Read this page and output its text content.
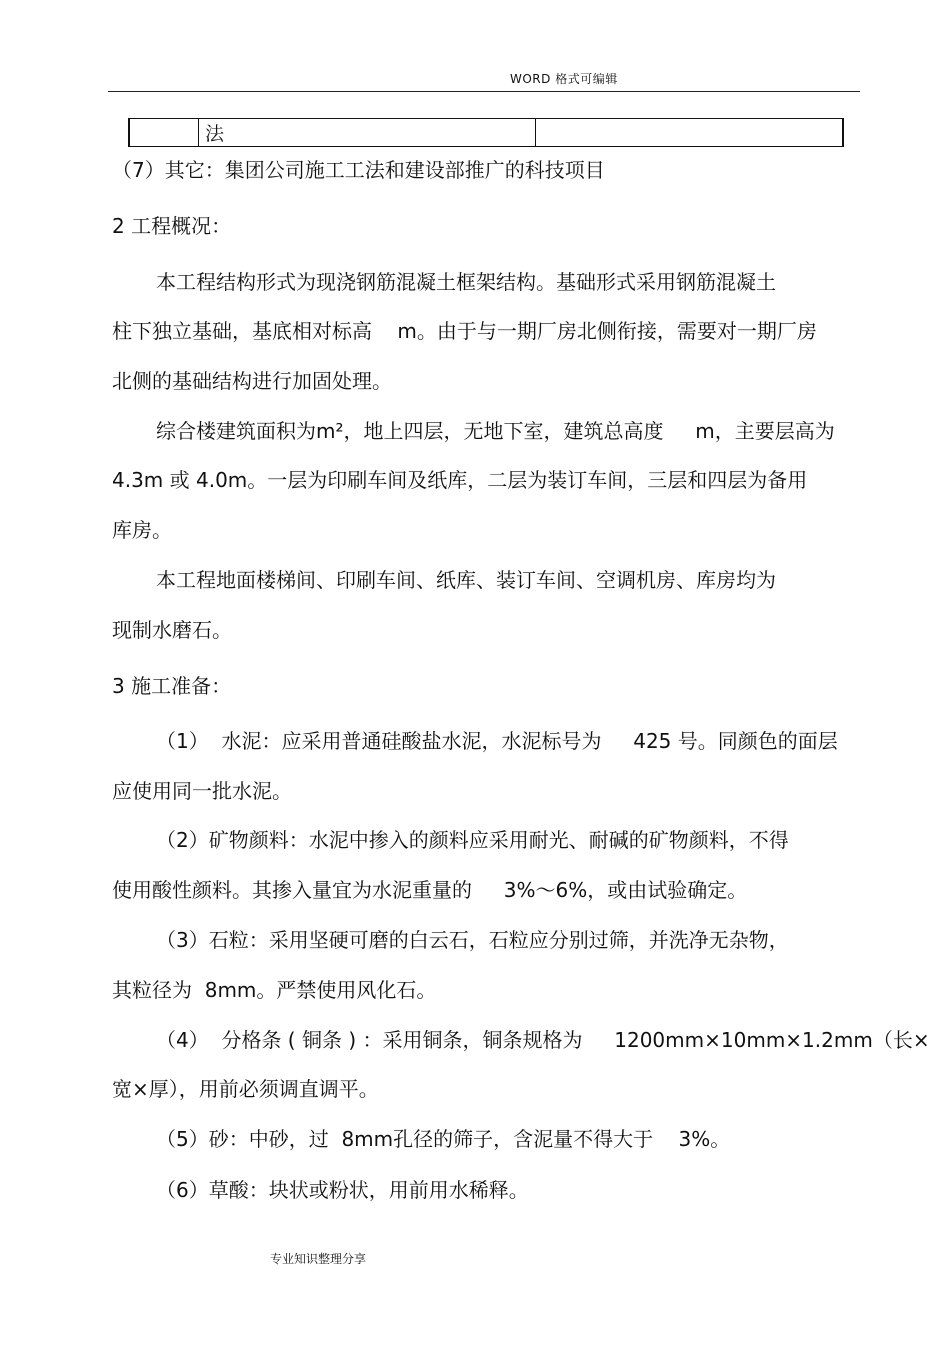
WORD 格式可编辑
	法	
（7）其它：集团公司施工工法和建设部推广的科技项目
2 工程概况：
本工程结构形式为现浇钢筋混凝土框架结构。基础形式采用钢筋混凝土
柱下独立基础，基底相对标高    m。由于与一期厂房北侧衔接，需要对一期厂房
北侧的基础结构进行加固处理。
综合楼建筑面积为m²，地上四层，无地下室，建筑总高度     m，主要层高为
4.3m 或 4.0m。一层为印刷车间及纸库，二层为装订车间，三层和四层为备用
库房。
本工程地面楼梯间、印刷车间、纸库、装订车间、空调机房、库房均为
现制水磨石。
3 施工准备：
（1）  水泥：应采用普通硅酸盐水泥，水泥标号为     425 号。同颜色的面层
应使用同一批水泥。
（2）矿物颜料：水泥中掺入的颜料应采用耐光、耐碱的矿物颜料，不得
使用酸性颜料。其掺入量宜为水泥重量的     3%～6%，或由试验确定。
（3）石粒：采用坚硬可磨的白云石，石粒应分别过筛，并洗净无杂物，
其粒径为  8mm。严禁使用风化石。
（4）  分格条 ( 铜条 ) ：采用铜条，铜条规格为     1200mm×10mm×1.2mm（长×
宽×厚），用前必须调直调平。
（5）砂：中砂，过  8mm孔径的筛子，含泥量不得大于    3%。
（6）草酸：块状或粉状，用前用水稀释。
专业知识整理分享
